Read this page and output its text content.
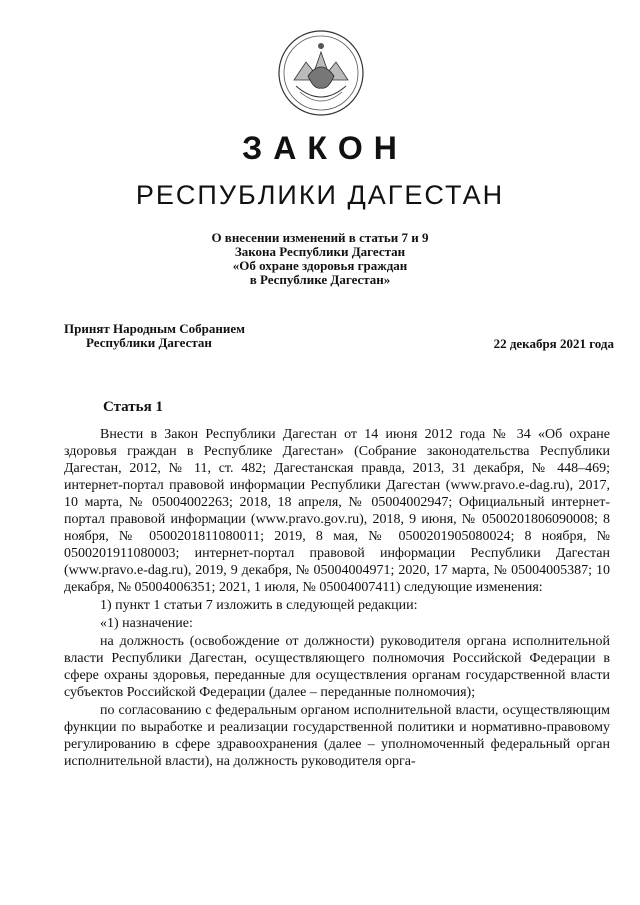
ЗАКОН
РЕСПУБЛИКИ ДАГЕСТАН
О внесении изменений в статьи 7 и 9
Закона Республики Дагестан
«Об охране здоровья граждан
в Республике Дагестан»
Принят Народным Собранием
Республики Дагестан	22 декабря 2021 года
Статья 1

Внести в Закон Республики Дагестан от 14 июня 2012 года № 34 «Об охране здоровья граждан в Республике Дагестан» (Собрание законодательства Республики Дагестан, 2012, № 11, ст. 482; Дагестанская правда, 2013, 31 декабря, № 448–469; интернет-портал правовой информации Республики Дагестан (www.pravo.e-dag.ru), 2017, 10 марта, № 05004002263; 2018, 18 апреля, № 05004002947; Официальный интернет-портал правовой информации (www.pravo.gov.ru), 2018, 9 июня, № 0500201806090008; 8 ноября, № 0500201811080011; 2019, 8 мая, № 0500201905080024; 8 ноября, № 0500201911080003; интернет-портал правовой информации Республики Дагестан (www.pravo.e-dag.ru), 2019, 9 декабря, № 05004004971; 2020, 17 марта, № 05004005387; 10 декабря, № 05004006351; 2021, 1 июля, № 05004007411) следующие изменения:

1) пункт 1 статьи 7 изложить в следующей редакции:

«1) назначение:

на должность (освобождение от должности) руководителя органа исполнительной власти Республики Дагестан, осуществляющего полномочия Российской Федерации в сфере охраны здоровья, переданные для осуществления органам государственной власти субъектов Российской Федерации (далее – переданные полномочия);

по согласованию с федеральным органом исполнительной власти, осуществляющим функции по выработке и реализации государственной политики и нормативно-правовому регулированию в сфере здравоохранения (далее – уполномоченный федеральный орган исполнительной власти), на должность руководителя орга-
